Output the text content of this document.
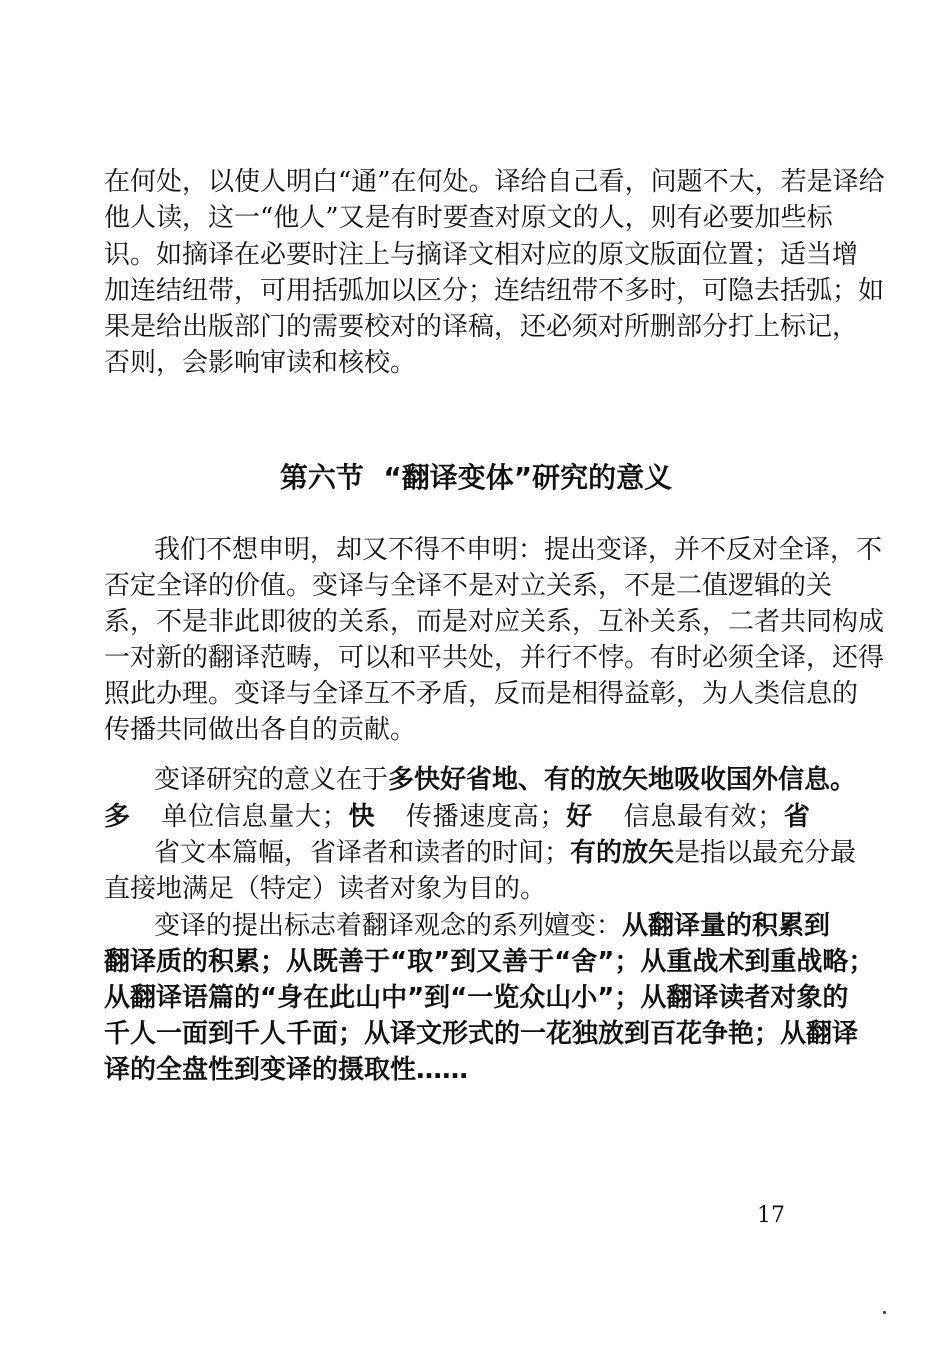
在何处，以使人明白“通”在何处。译给自己看，问题不大，若是译给
他人读，这一“他人”又是有时要查对原文的人，则有必要加些标
识。如摘译在必要时注上与摘译文相对应的原文版面位置；适当增
加连结纽带，可用括弧加以区分；连结纽带不多时，可隐去括弧；如
果是给出版部门的需要校对的译稿，还必须对所删部分打上标记，
否则，会影响审读和核校。
第六节  “翻译变体”研究的意义
我们不想申明，却又不得不申明：提出变译，并不反对全译，不
否定全译的价值。变译与全译不是对立关系，不是二值逻辑的关
系，不是非此即彼的关系，而是对应关系，互补关系，二者共同构成
一对新的翻译范畴，可以和平共处，并行不悖。有时必须全译，还得
照此办理。变译与全译互不矛盾，反而是相得益彰，为人类信息的
传播共同做出各自的贡献。
变译研究的意义在于多快好省地、有的放矢地吸收国外信息。
多 单位信息量大；快 传播速度高；好 信息最有效；省
省文本篇幅，省译者和读者的时间；有的放矢是指以最充分最
直接地满足（特定）读者对象为目的。
变译的提出标志着翻译观念的系列嬗变：从翻译量的积累到
翻译质的积累；从既善于“取”到又善于“舍”；从重战术到重战略；
从翻译语篇的“身在此山中”到“一览众山小”；从翻译读者对象的
千人一面到千人千面；从译文形式的一花独放到百花争艳；从翻译
译的全盘性到变译的摄取性……
17
